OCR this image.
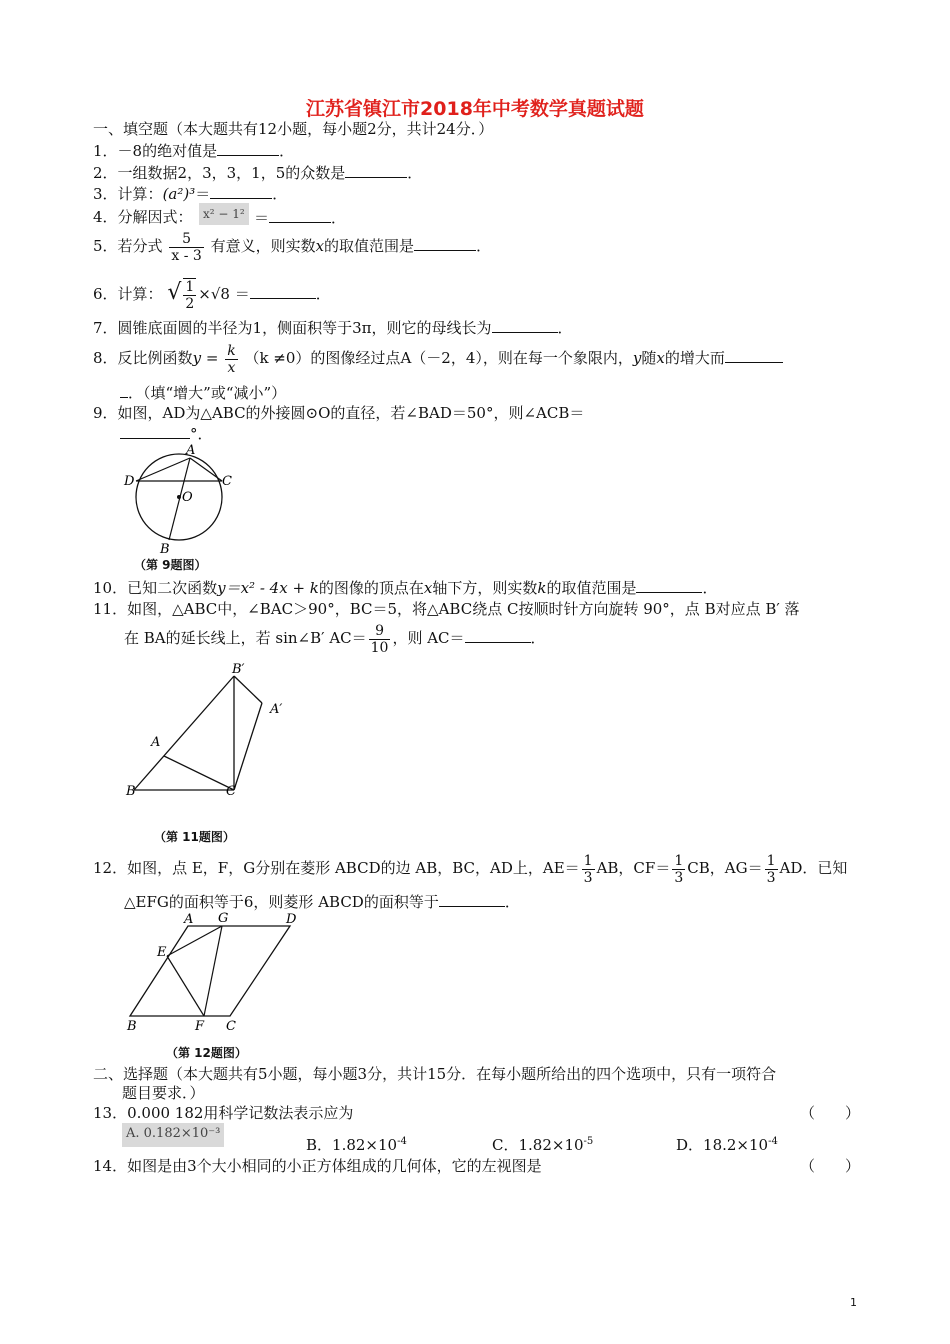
江苏省镇江市2018年中考数学真题试题
一、填空题（本大题共有12小题，每小题2分，共计24分．）
1．－8的绝对值是	．
2．一组数据2，3，3，1，5的众数是	．
3．计算：(a²)³＝	．
4．分解因式： x² − 1² ＝	．
5．若分式 $\frac{5}{x - 3}$ 有意义，则实数x的取值范围是	．
6．计算： √ $\frac{1}{2} \times√8$ ＝	．
7．圆锥底面圆的半径为1，侧面积等于3π，则它的母线长为	．
8．反比例函数$y = \frac{k}{x} (k \ne 0)$的图像经过点A（－2，4），则在每一个象限内，y随x的增大而
．（填“增大”或“减小”）
9．如图，AD为△ABC的外接圆⊙O的直径，若∠BAD＝50°，则∠ACB＝
°．
A
D	C
O
B
（第 9题图）
10．已知二次函数y＝x² - 4x + k的图像的顶点在x轴下方，则实数k的取值范围是	．
11．如图，△ABC中，∠BAC＞90°，BC＝5，将△ABC绕点 C按顺时针方向旋转 90°，点 B对应点 B′ 落
在 BA的延长线上，若 sin∠B′ $AC= \frac{9}{10}$ ，则 AC＝	．
B′
A′
A
B	C
（第 11题图）
12．如图，点 E，F，G分别在菱形 ABCD的边 AB，BC，AD上，$AE= \frac{1}{3}$ AB，$CF= \frac{1}{3}$ CB，$AG= \frac{1}{3}$ AD．已知
△EFG的面积等于6，则菱形 ABCD的面积等于	．
A G	D
E
B	F C
（第 12题图）
二、选择题（本大题共有5小题，每小题3分，共计15分．在每小题所给出的四个选项中，只有一项符合
题目要求．）
13．0.000 182用科学记数法表示应为	（　　）
A. 0.182×10⁻³
B．$1.82\times 10^{-4}$	C．$1.82\times 10^{-5}$	D．$18.2\times 10^{-4}$
14．如图是由3个大小相同的小正方体组成的几何体，它的左视图是	（　　）
1
